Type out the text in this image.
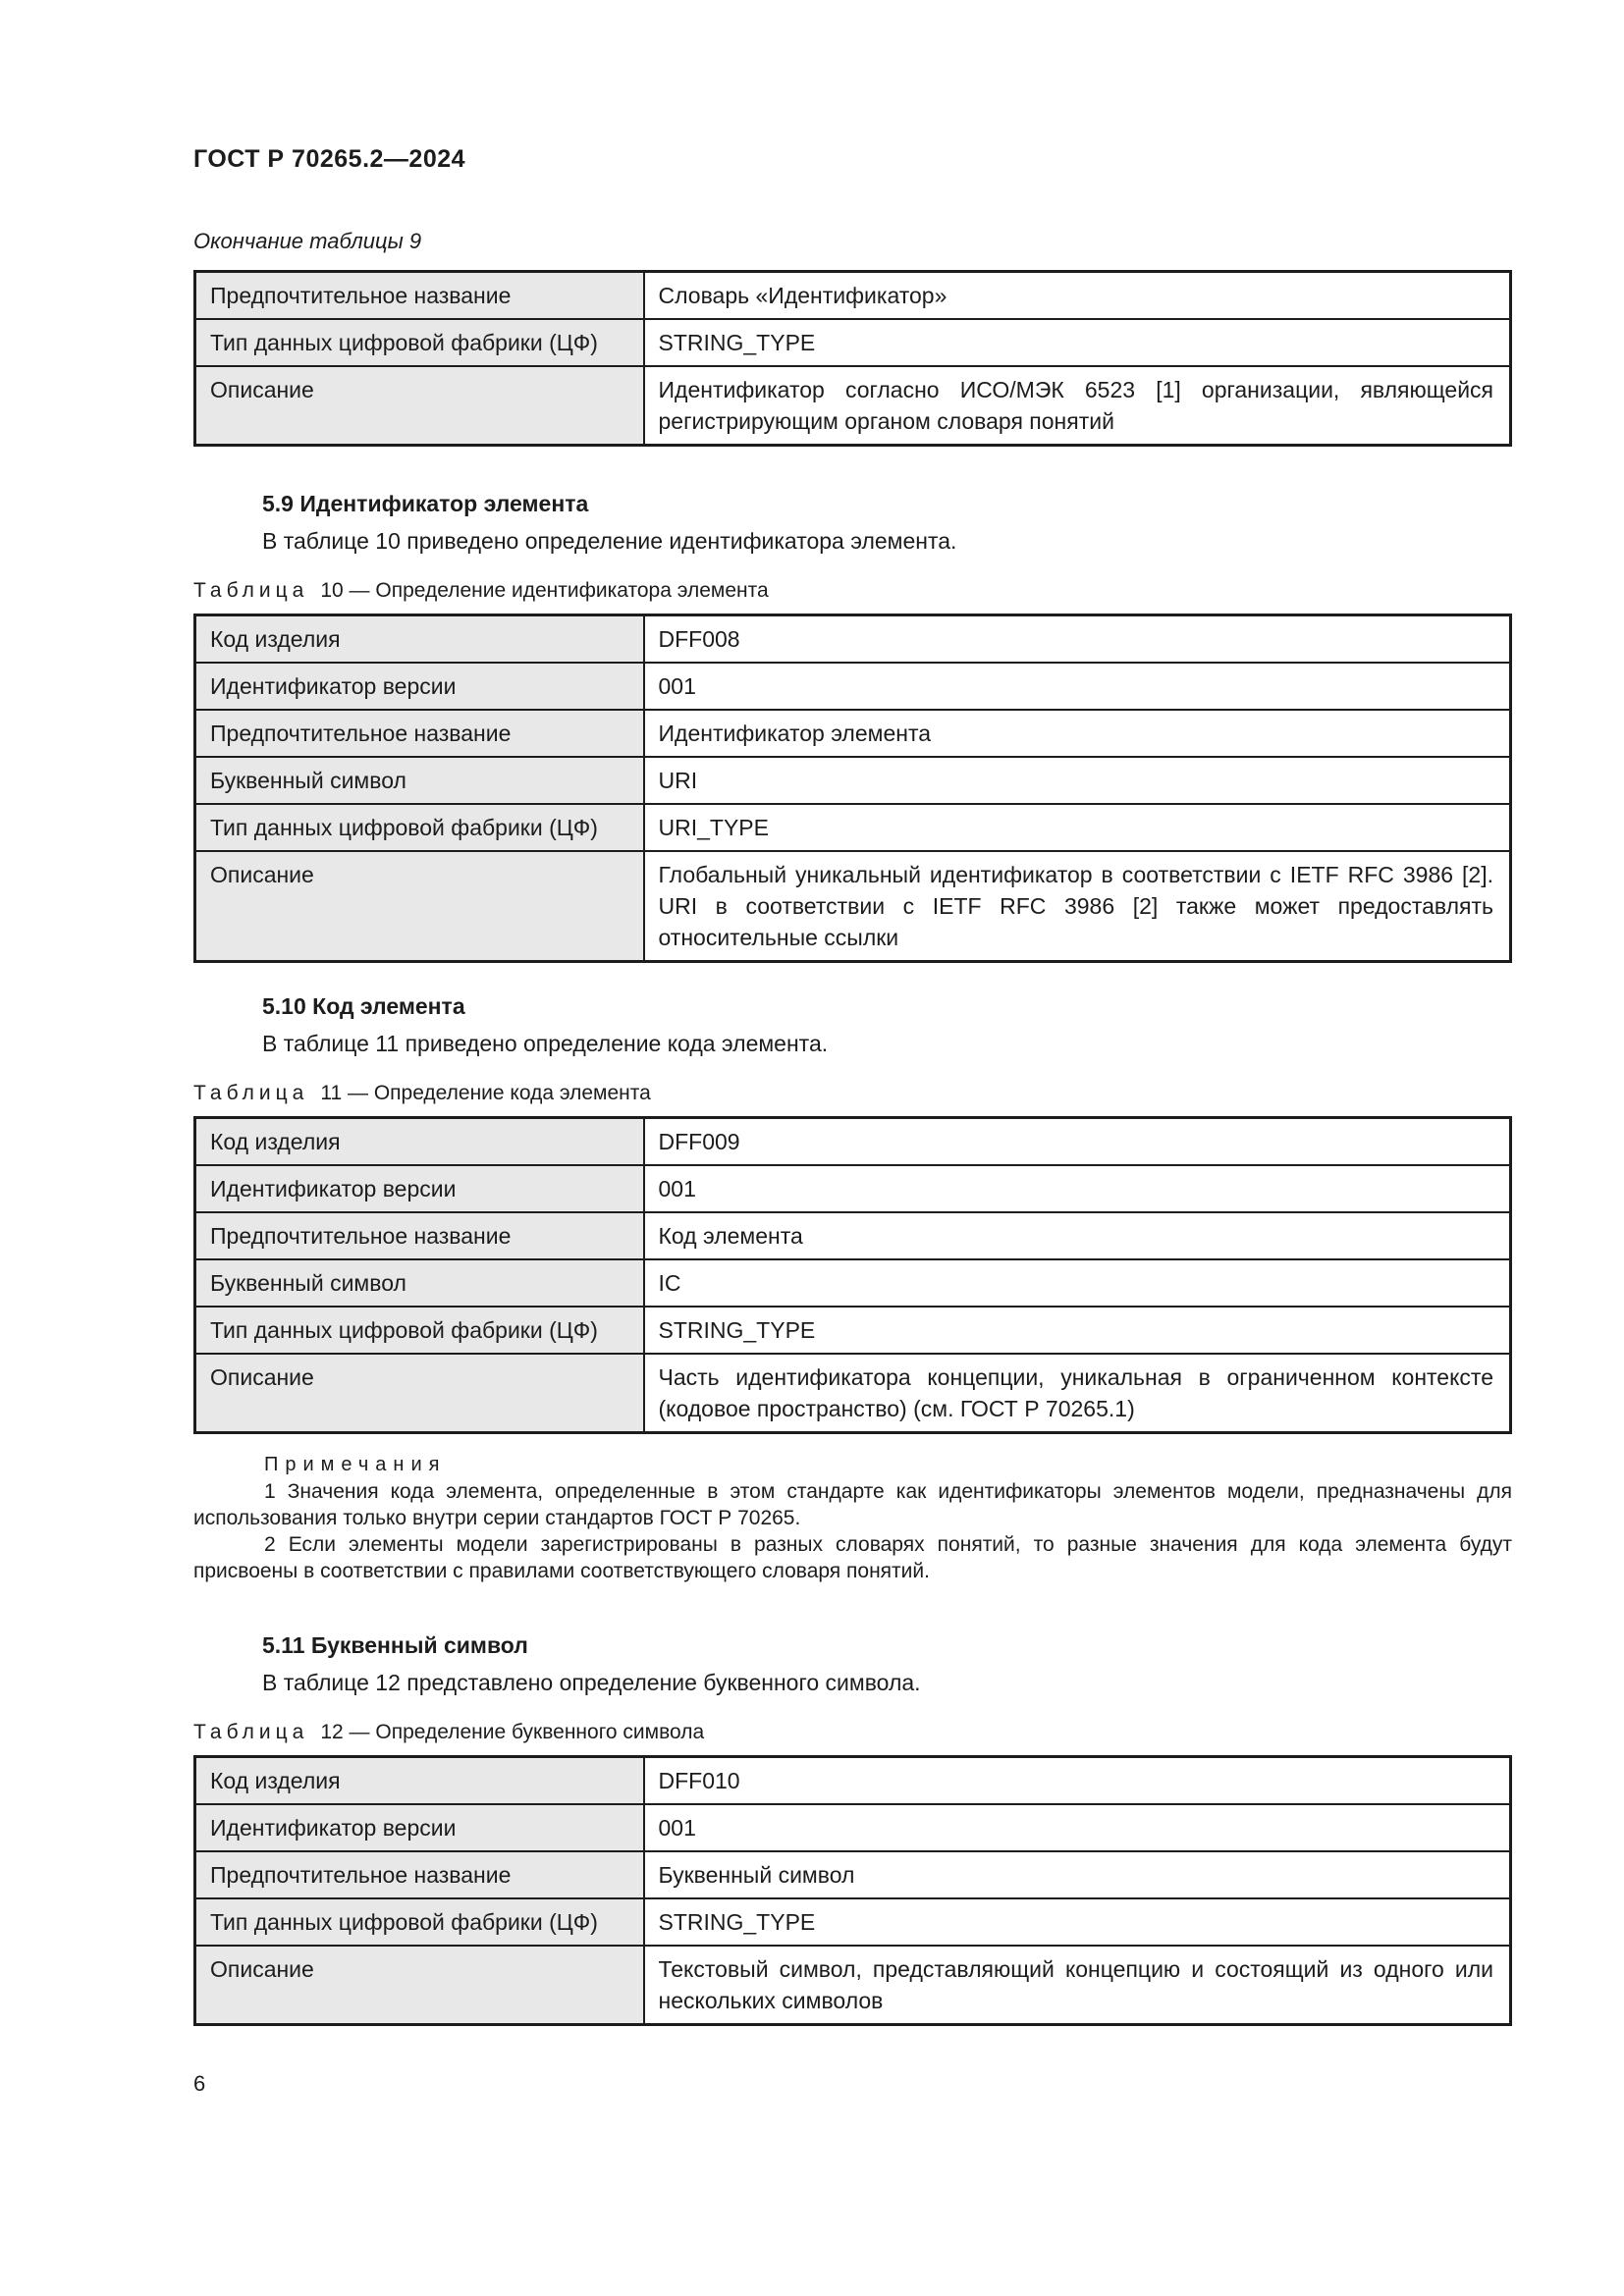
ГОСТ Р 70265.2—2024
Окончание таблицы 9
Предпочтительное название	Словарь «Идентификатор»
Тип данных цифровой фабрики (ЦФ)	STRING_TYPE
Описание	Идентификатор согласно ИСО/МЭК 6523 [1] организации, являющейся регистрирующим органом словаря понятий
5.9 Идентификатор элемента

В таблице 10 приведено определение идентификатора элемента.

Таблица 10 — Определение идентификатора элемента

Код изделия	DFF008
Идентификатор версии	001
Предпочтительное название	Идентификатор элемента
Буквенный символ	URI
Тип данных цифровой фабрики (ЦФ)	URI_TYPE
Описание	Глобальный уникальный идентификатор в соответствии с IETF RFC 3986 [2]. URI в соответствии с IETF RFC 3986 [2] также может предоставлять относительные ссылки
5.10 Код элемента

В таблице 11 приведено определение кода элемента.

Таблица 11 — Определение кода элемента

Код изделия	DFF009
Идентификатор версии	001
Предпочтительное название	Код элемента
Буквенный символ	IC
Тип данных цифровой фабрики (ЦФ)	STRING_TYPE
Описание	Часть идентификатора концепции, уникальная в ограниченном контексте (кодовое пространство) (см. ГОСТ Р 70265.1)

Примечания

1 Значения кода элемента, определенные в этом стандарте как идентификаторы элементов модели, предназначены для использования только внутри серии стандартов ГОСТ Р 70265.

2 Если элементы модели зарегистрированы в разных словарях понятий, то разные значения для кода элемента будут присвоены в соответствии с правилами соответствующего словаря понятий.

5.11 Буквенный символ

В таблице 12 представлено определение буквенного символа.

Таблица 12 — Определение буквенного символа

Код изделия	DFF010
Идентификатор версии	001
Предпочтительное название	Буквенный символ
Тип данных цифровой фабрики (ЦФ)	STRING_TYPE
Описание	Текстовый символ, представляющий концепцию и состоящий из одного или нескольких символов
6
